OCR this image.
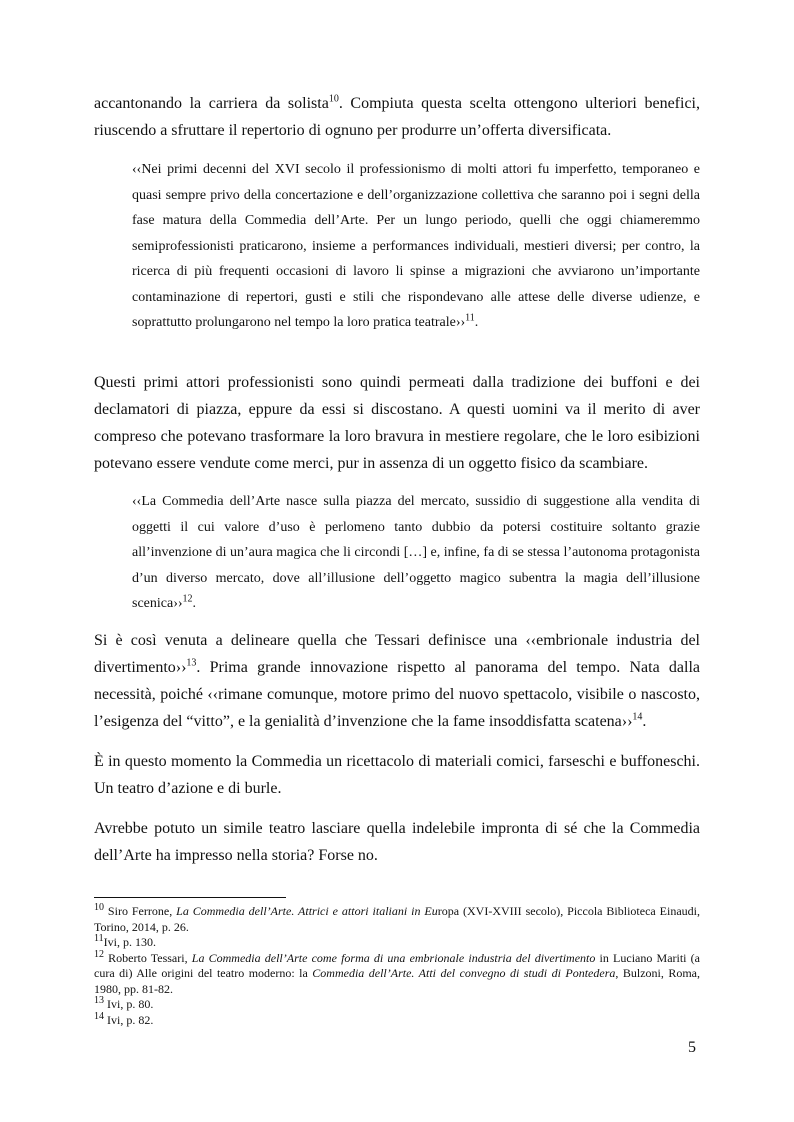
accantonando la carriera da solista$^{10}$. Compiuta questa scelta ottengono ulteriori benefici, riuscendo a sfruttare il repertorio di ognuno per produrre un’offerta diversificata.

‹‹Nei primi decenni del XVI secolo il professionismo di molti attori fu imperfetto, temporaneo e quasi sempre privo della concertazione e dell’organizzazione collettiva che saranno poi i segni della fase matura della Commedia dell’Arte. Per un lungo periodo, quelli che oggi chiameremmo semiprofessionisti praticarono, insieme a performances individuali, mestieri diversi; per contro, la ricerca di più frequenti occasioni di lavoro li spinse a migrazioni che avviarono un’importante contaminazione di repertori, gusti e stili che rispondevano alle attese delle diverse udienze, e soprattutto prolungarono nel tempo la loro pratica teatrale››$^{11}$.

Questi primi attori professionisti sono quindi permeati dalla tradizione dei buffoni e dei declamatori di piazza, eppure da essi si discostano. A questi uomini va il merito di aver compreso che potevano trasformare la loro bravura in mestiere regolare, che le loro esibizioni potevano essere vendute come merci, pur in assenza di un oggetto fisico da scambiare.

‹‹La Commedia dell’Arte nasce sulla piazza del mercato, sussidio di suggestione alla vendita di oggetti il cui valore d’uso è perlomeno tanto dubbio da potersi costituire soltanto grazie all’invenzione di un’aura magica che li circondi […] e, infine, fa di se stessa l’autonoma protagonista d’un diverso mercato, dove all’illusione dell’oggetto magico subentra la magia dell’illusione scenica››$^{12}$.

Si è così venuta a delineare quella che Tessari definisce una ‹‹embrionale industria del divertimento››$^{13}$. Prima grande innovazione rispetto al panorama del tempo. Nata dalla necessità, poiché ‹‹rimane comunque, motore primo del nuovo spettacolo, visibile o nascosto, l’esigenza del “vitto”, e la genialità d’invenzione che la fame insoddisfatta scatena››$^{14}$.

È in questo momento la Commedia un ricettacolo di materiali comici, farseschi e buffoneschi. Un teatro d’azione e di burle.

Avrebbe potuto un simile teatro lasciare quella indelebile impronta di sé che la Commedia dell’Arte ha impresso nella storia? Forse no.

$^{10}$ Siro Ferrone, La Commedia dell’Arte. Attrici e attori italiani in Europa (XVI-XVIII secolo), Piccola Biblioteca Einaudi, Torino, 2014, p. 26.

$^{11}$Ivi, p. 130.

$^{12}$ Roberto Tessari, La Commedia dell’Arte come forma di una embrionale industria del divertimento in Luciano Mariti (a cura di) Alle origini del teatro moderno: la Commedia dell’Arte. Atti del convegno di studi di Pontedera, Bulzoni, Roma, 1980, pp. 81-82.

$^{13}$ Ivi, p. 80.

$^{14}$ Ivi, p. 82.

5
